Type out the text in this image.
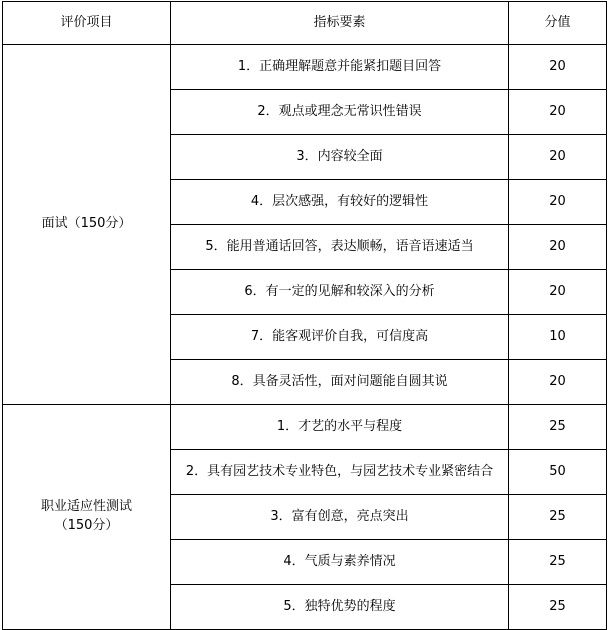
评价项目	指标要素	分值
面试（150分）	1．正确理解题意并能紧扣题目回答	20
	2．观点或理念无常识性错误	20
	3．内容较全面	20
	4．层次感强，有较好的逻辑性	20
	5．能用普通话回答，表达顺畅，语音语速适当	20
	6．有一定的见解和较深入的分析	20
	7．能客观评价自我，可信度高	10
	8．具备灵活性，面对问题能自圆其说	20

职业适应性测试
（150分）	1．才艺的水平与程度	25
	2．具有园艺技术专业特色，与园艺技术专业紧密结合	50
	3．富有创意，亮点突出	25
	4．气质与素养情况	25
	5．独特优势的程度	25
